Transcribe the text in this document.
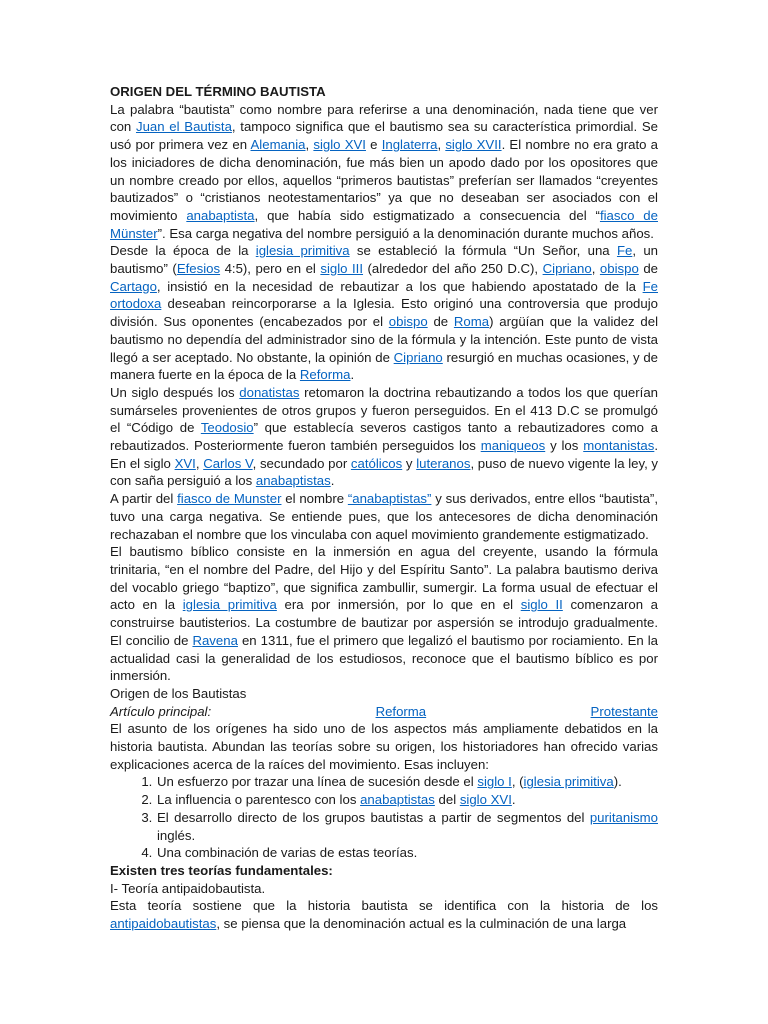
ORIGEN DEL TÉRMINO BAUTISTA
La palabra “bautista” como nombre para referirse a una denominación, nada tiene que ver con Juan el Bautista, tampoco significa que el bautismo sea su característica primordial. Se usó por primera vez en Alemania, siglo XVI e Inglaterra, siglo XVII. El nombre no era grato a los iniciadores de dicha denominación, fue más bien un apodo dado por los opositores que un nombre creado por ellos, aquellos “primeros bautistas” preferían ser llamados “creyentes bautizados” o “cristianos neotestamentarios” ya que no deseaban ser asociados con el movimiento anabaptista, que había sido estigmatizado a consecuencia del “fiasco de Münster”. Esa carga negativa del nombre persiguió a la denominación durante muchos años.
Desde la época de la iglesia primitiva se estableció la fórmula “Un Señor, una Fe, un bautismo” (Efesios 4:5), pero en el siglo III (alrededor del año 250 D.C), Cipriano, obispo de Cartago, insistió en la necesidad de rebautizar a los que habiendo apostatado de la Fe ortodoxa deseaban reincorporarse a la Iglesia. Esto originó una controversia que produjo división. Sus oponentes (encabezados por el obispo de Roma) argüían que la validez del bautismo no dependía del administrador sino de la fórmula y la intención. Este punto de vista llegó a ser aceptado. No obstante, la opinión de Cipriano resurgió en muchas ocasiones, y de manera fuerte en la época de la Reforma.
Un siglo después los donatistas retomaron la doctrina rebautizando a todos los que querían sumárseles provenientes de otros grupos y fueron perseguidos. En el 413 D.C se promulgó el “Código de Teodosio” que establecía severos castigos tanto a rebautizadores como a rebautizados. Posteriormente fueron también perseguidos los maniqueos y los montanistas. En el siglo XVI, Carlos V, secundado por católicos y luteranos, puso de nuevo vigente la ley, y con saña persiguió a los anabaptistas.
A partir del fiasco de Munster el nombre “anabaptistas” y sus derivados, entre ellos “bautista”, tuvo una carga negativa. Se entiende pues, que los antecesores de dicha denominación rechazaban el nombre que los vinculaba con aquel movimiento grandemente estigmatizado.
El bautismo bíblico consiste en la inmersión en agua del creyente, usando la fórmula trinitaria, “en el nombre del Padre, del Hijo y del Espíritu Santo”. La palabra bautismo deriva del vocablo griego “baptizo”, que significa zambullir, sumergir. La forma usual de efectuar el acto en la iglesia primitiva era por inmersión, por lo que en el siglo II comenzaron a construirse bautisterios. La costumbre de bautizar por aspersión se introdujo gradualmente. El concilio de Ravena en 1311, fue el primero que legalizó el bautismo por rociamiento. En la actualidad casi la generalidad de los estudiosos, reconoce que el bautismo bíblico es por inmersión.
Origen de los Bautistas
Artículo principal:	Reforma	Protestante
El asunto de los orígenes ha sido uno de los aspectos más ampliamente debatidos en la historia bautista. Abundan las teorías sobre su origen, los historiadores han ofrecido varias explicaciones acerca de la raíces del movimiento. Esas incluyen:
1. Un esfuerzo por trazar una línea de sucesión desde el siglo I, (iglesia primitiva).
2. La influencia o parentesco con los anabaptistas del siglo XVI.
3. El desarrollo directo de los grupos bautistas a partir de segmentos del puritanismo inglés.
4. Una combinación de varias de estas teorías.
Existen tres teorías fundamentales:
I- Teoría antipaidobautista.
Esta teoría sostiene que la historia bautista se identifica con la historia de los antipaidobautistas, se piensa que la denominación actual es la culminación de una larga
